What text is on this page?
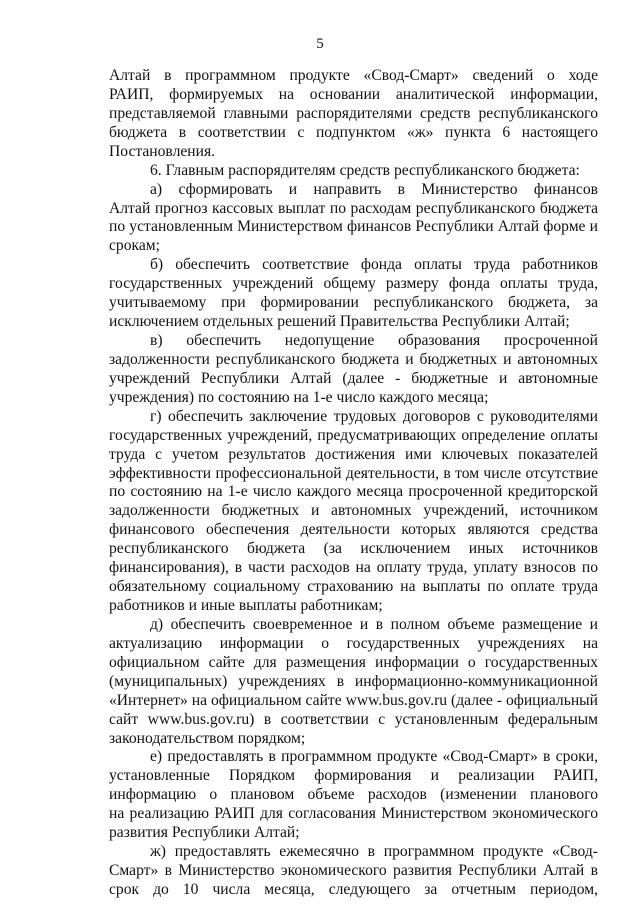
5
Алтай в программном продукте «Свод-Смарт» сведений о ходе
РАИП, формируемых на основании аналитической информации,
представляемой главными распорядителями средств республиканского
бюджета в соответствии с подпунктом «ж» пункта 6 настоящего
Постановления.
6. Главным распорядителям средств республиканского бюджета:
а) сформировать и направить в Министерство финансов
Алтай прогноз кассовых выплат по расходам республиканского бюджета
по установленным Министерством финансов Республики Алтай форме и
срокам;
б) обеспечить соответствие фонда оплаты труда работников
государственных учреждений общему размеру фонда оплаты труда,
учитываемому при формировании республиканского бюджета, за
исключением отдельных решений Правительства Республики Алтай;
в) обеспечить недопущение образования просроченной
задолженности республиканского бюджета и бюджетных и автономных
учреждений Республики Алтай (далее - бюджетные и автономные
учреждения) по состоянию на 1-е число каждого месяца;
г) обеспечить заключение трудовых договоров с руководителями
государственных учреждений, предусматривающих определение оплаты
труда с учетом результатов достижения ими ключевых показателей
эффективности профессиональной деятельности, в том числе отсутствие
по состоянию на 1-е число каждого месяца просроченной кредиторской
задолженности бюджетных и автономных учреждений, источником
финансового обеспечения деятельности которых являются средства
республиканского бюджета (за исключением иных источников
финансирования), в части расходов на оплату труда, уплату взносов по
обязательному социальному страхованию на выплаты по оплате труда
работников и иные выплаты работникам;
д) обеспечить своевременное и в полном объеме размещение и
актуализацию информации о государственных учреждениях на
официальном сайте для размещения информации о государственных
(муниципальных) учреждениях в информационно-коммуникационной
«Интернет» на официальном сайте www.bus.gov.ru (далее - официальный
сайт www.bus.gov.ru) в соответствии с установленным федеральным
законодательством порядком;
е) предоставлять в программном продукте «Свод-Смарт» в сроки,
установленные Порядком формирования и реализации РАИП,
информацию о плановом объеме расходов (изменении планового
на реализацию РАИП для согласования Министерством экономического
развития Республики Алтай;
ж) предоставлять ежемесячно в программном продукте «Свод-
Смарт» в Министерство экономического развития Республики Алтай в
срок до 10 числа месяца, следующего за отчетным периодом,
